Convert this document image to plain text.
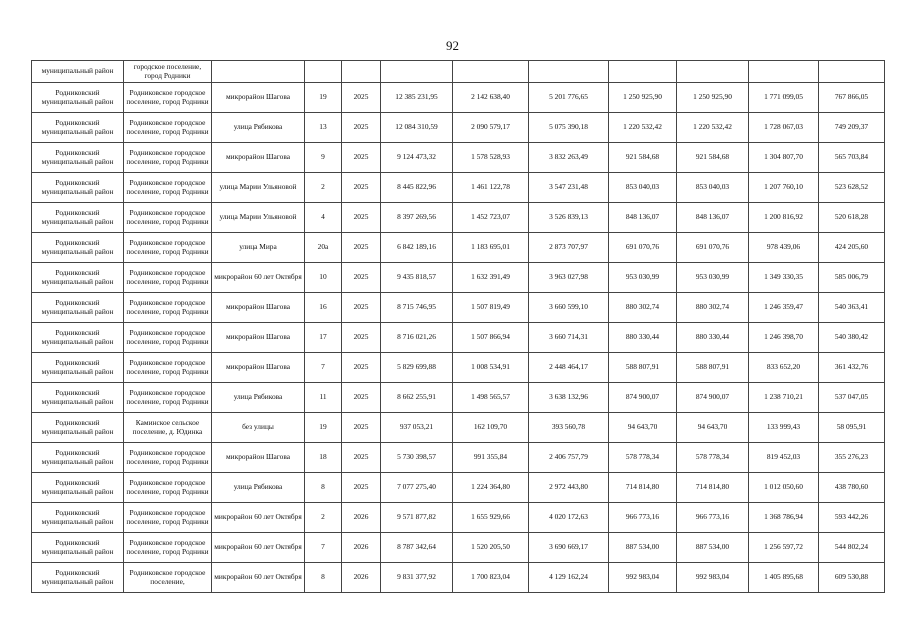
92
муниципальный район	городское поселение, город Родники										
Родниковский муниципальный район	Родниковское городское поселение, город Родники	микрорайон Шагова	19	2025	12 385 231,95	2 142 638,40	5 201 776,65	1 250 925,90	1 250 925,90	1 771 099,05	767 866,05
Родниковский муниципальный район	Родниковское городское поселение, город Родники	улица Рябикова	13	2025	12 084 310,59	2 090 579,17	5 075 390,18	1 220 532,42	1 220 532,42	1 728 067,03	749 209,37
Родниковский муниципальный район	Родниковское городское поселение, город Родники	микрорайон Шагова	9	2025	9 124 473,32	1 578 528,93	3 832 263,49	921 584,68	921 584,68	1 304 807,70	565 703,84
Родниковский муниципальный район	Родниковское городское поселение, город Родники	улица Марии Ульяновой	2	2025	8 445 822,96	1 461 122,78	3 547 231,48	853 040,03	853 040,03	1 207 760,10	523 628,52
Родниковский муниципальный район	Родниковское городское поселение, город Родники	улица Марии Ульяновой	4	2025	8 397 269,56	1 452 723,07	3 526 839,13	848 136,07	848 136,07	1 200 816,92	520 618,28
Родниковский муниципальный район	Родниковское городское поселение, город Родники	улица Мира	20а	2025	6 842 189,16	1 183 695,01	2 873 707,97	691 070,76	691 070,76	978 439,06	424 205,60
Родниковский муниципальный район	Родниковское городское поселение, город Родники	микрорайон 60 лет Октября	10	2025	9 435 818,57	1 632 391,49	3 963 027,98	953 030,99	953 030,99	1 349 330,35	585 006,79
Родниковский муниципальный район	Родниковское городское поселение, город Родники	микрорайон Шагова	16	2025	8 715 746,95	1 507 819,49	3 660 599,10	880 302,74	880 302,74	1 246 359,47	540 363,41
Родниковский муниципальный район	Родниковское городское поселение, город Родники	микрорайон Шагова	17	2025	8 716 021,26	1 507 866,94	3 660 714,31	880 330,44	880 330,44	1 246 398,70	540 380,42
Родниковский муниципальный район	Родниковское городское поселение, город Родники	микрорайон Шагова	7	2025	5 829 699,88	1 008 534,91	2 448 464,17	588 807,91	588 807,91	833 652,20	361 432,76
Родниковский муниципальный район	Родниковское городское поселение, город Родники	улица Рябикова	11	2025	8 662 255,91	1 498 565,57	3 638 132,96	874 900,07	874 900,07	1 238 710,21	537 047,05
Родниковский муниципальный район	Каминское сельское поселение, д. Юдинка	без улицы	19	2025	937 053,21	162 109,70	393 560,78	94 643,70	94 643,70	133 999,43	58 095,91
Родниковский муниципальный район	Родниковское городское поселение, город Родники	микрорайон Шагова	18	2025	5 730 398,57	991 355,84	2 406 757,79	578 778,34	578 778,34	819 452,03	355 276,23
Родниковский муниципальный район	Родниковское городское поселение, город Родники	улица Рябикова	8	2025	7 077 275,40	1 224 364,80	2 972 443,80	714 814,80	714 814,80	1 012 050,60	438 780,60
Родниковский муниципальный район	Родниковское городское поселение, город Родники	микрорайон 60 лет Октября	2	2026	9 571 877,82	1 655 929,66	4 020 172,63	966 773,16	966 773,16	1 368 786,94	593 442,26
Родниковский муниципальный район	Родниковское городское поселение, город Родники	микрорайон 60 лет Октября	7	2026	8 787 342,64	1 520 205,50	3 690 669,17	887 534,00	887 534,00	1 256 597,72	544 802,24
Родниковский муниципальный район	Родниковское городское поселение,	микрорайон 60 лет Октября	8	2026	9 831 377,92	1 700 823,04	4 129 162,24	992 983,04	992 983,04	1 405 895,68	609 530,88
